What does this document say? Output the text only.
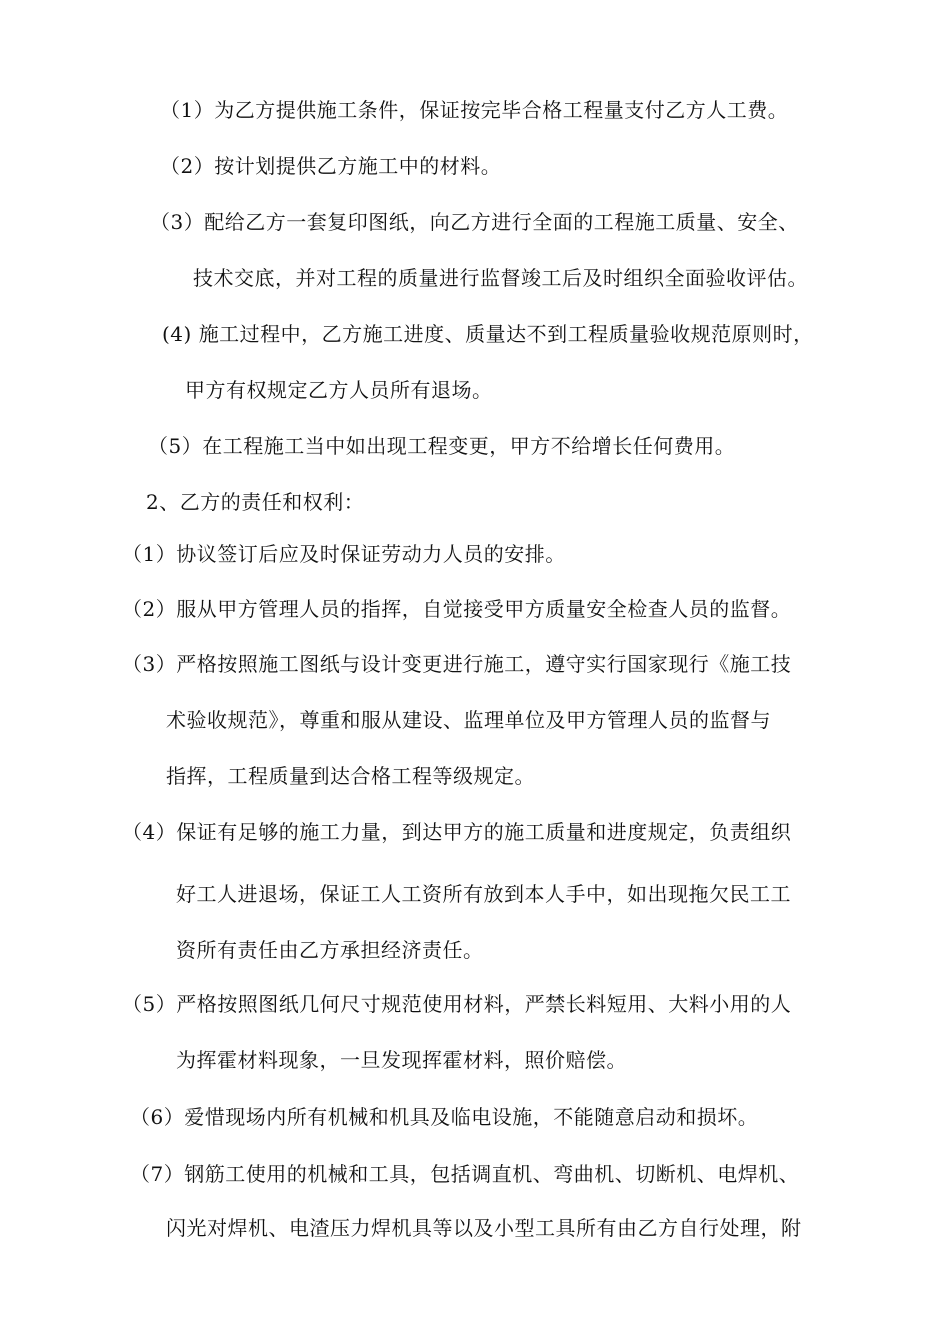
（1）为乙方提供施工条件，保证按完毕合格工程量支付乙方人工费。
（2）按计划提供乙方施工中的材料。
（3）配给乙方一套复印图纸，向乙方进行全面的工程施工质量、安全、
技术交底，并对工程的质量进行监督竣工后及时组织全面验收评估。
(4) 施工过程中，乙方施工进度、质量达不到工程质量验收规范原则时，
甲方有权规定乙方人员所有退场。
（5）在工程施工当中如出现工程变更，甲方不给增长任何费用。
2、乙方的责任和权利：
（1）协议签订后应及时保证劳动力人员的安排。
（2）服从甲方管理人员的指挥，自觉接受甲方质量安全检查人员的监督。
（3）严格按照施工图纸与设计变更进行施工，遵守实行国家现行《施工技
术验收规范》，尊重和服从建设、监理单位及甲方管理人员的监督与
指挥，工程质量到达合格工程等级规定。
（4）保证有足够的施工力量，到达甲方的施工质量和进度规定，负责组织
好工人进退场，保证工人工资所有放到本人手中，如出现拖欠民工工
资所有责任由乙方承担经济责任。
（5）严格按照图纸几何尺寸规范使用材料，严禁长料短用、大料小用的人
为挥霍材料现象，一旦发现挥霍材料，照价赔偿。
（6）爱惜现场内所有机械和机具及临电设施，不能随意启动和损坏。
（7）钢筋工使用的机械和工具，包括调直机、弯曲机、切断机、电焊机、
闪光对焊机、电渣压力焊机具等以及小型工具所有由乙方自行处理，附
